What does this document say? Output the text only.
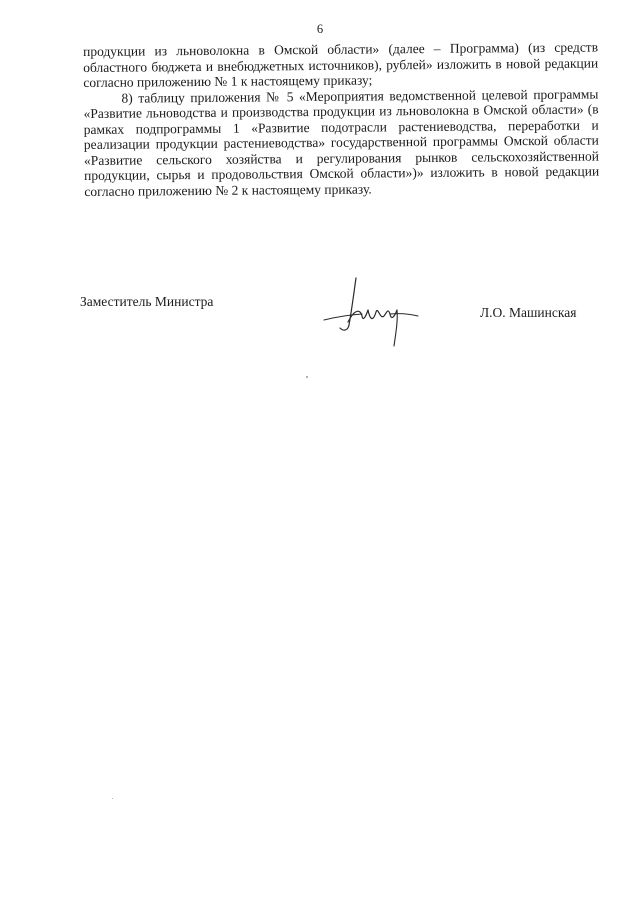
6

продукции из льноволокна в Омской области» (далее – Программа) (из средств областного бюджета и внебюджетных источников), рублей» изложить в новой редакции согласно приложению № 1 к настоящему приказу;

8) таблицу приложения № 5 «Мероприятия ведомственной целевой программы «Развитие льноводства и производства продукции из льноволокна в Омской области» (в рамках подпрограммы 1 «Развитие подотрасли растениеводства, переработки и реализации продукции растениеводства» государственной программы Омской области «Развитие сельского хозяйства и регулирования рынков сельскохозяйственной продукции, сырья и продовольствия Омской области»)» изложить в новой редакции согласно приложению № 2 к настоящему приказу.

Заместитель Министра
Л.О. Машинская
